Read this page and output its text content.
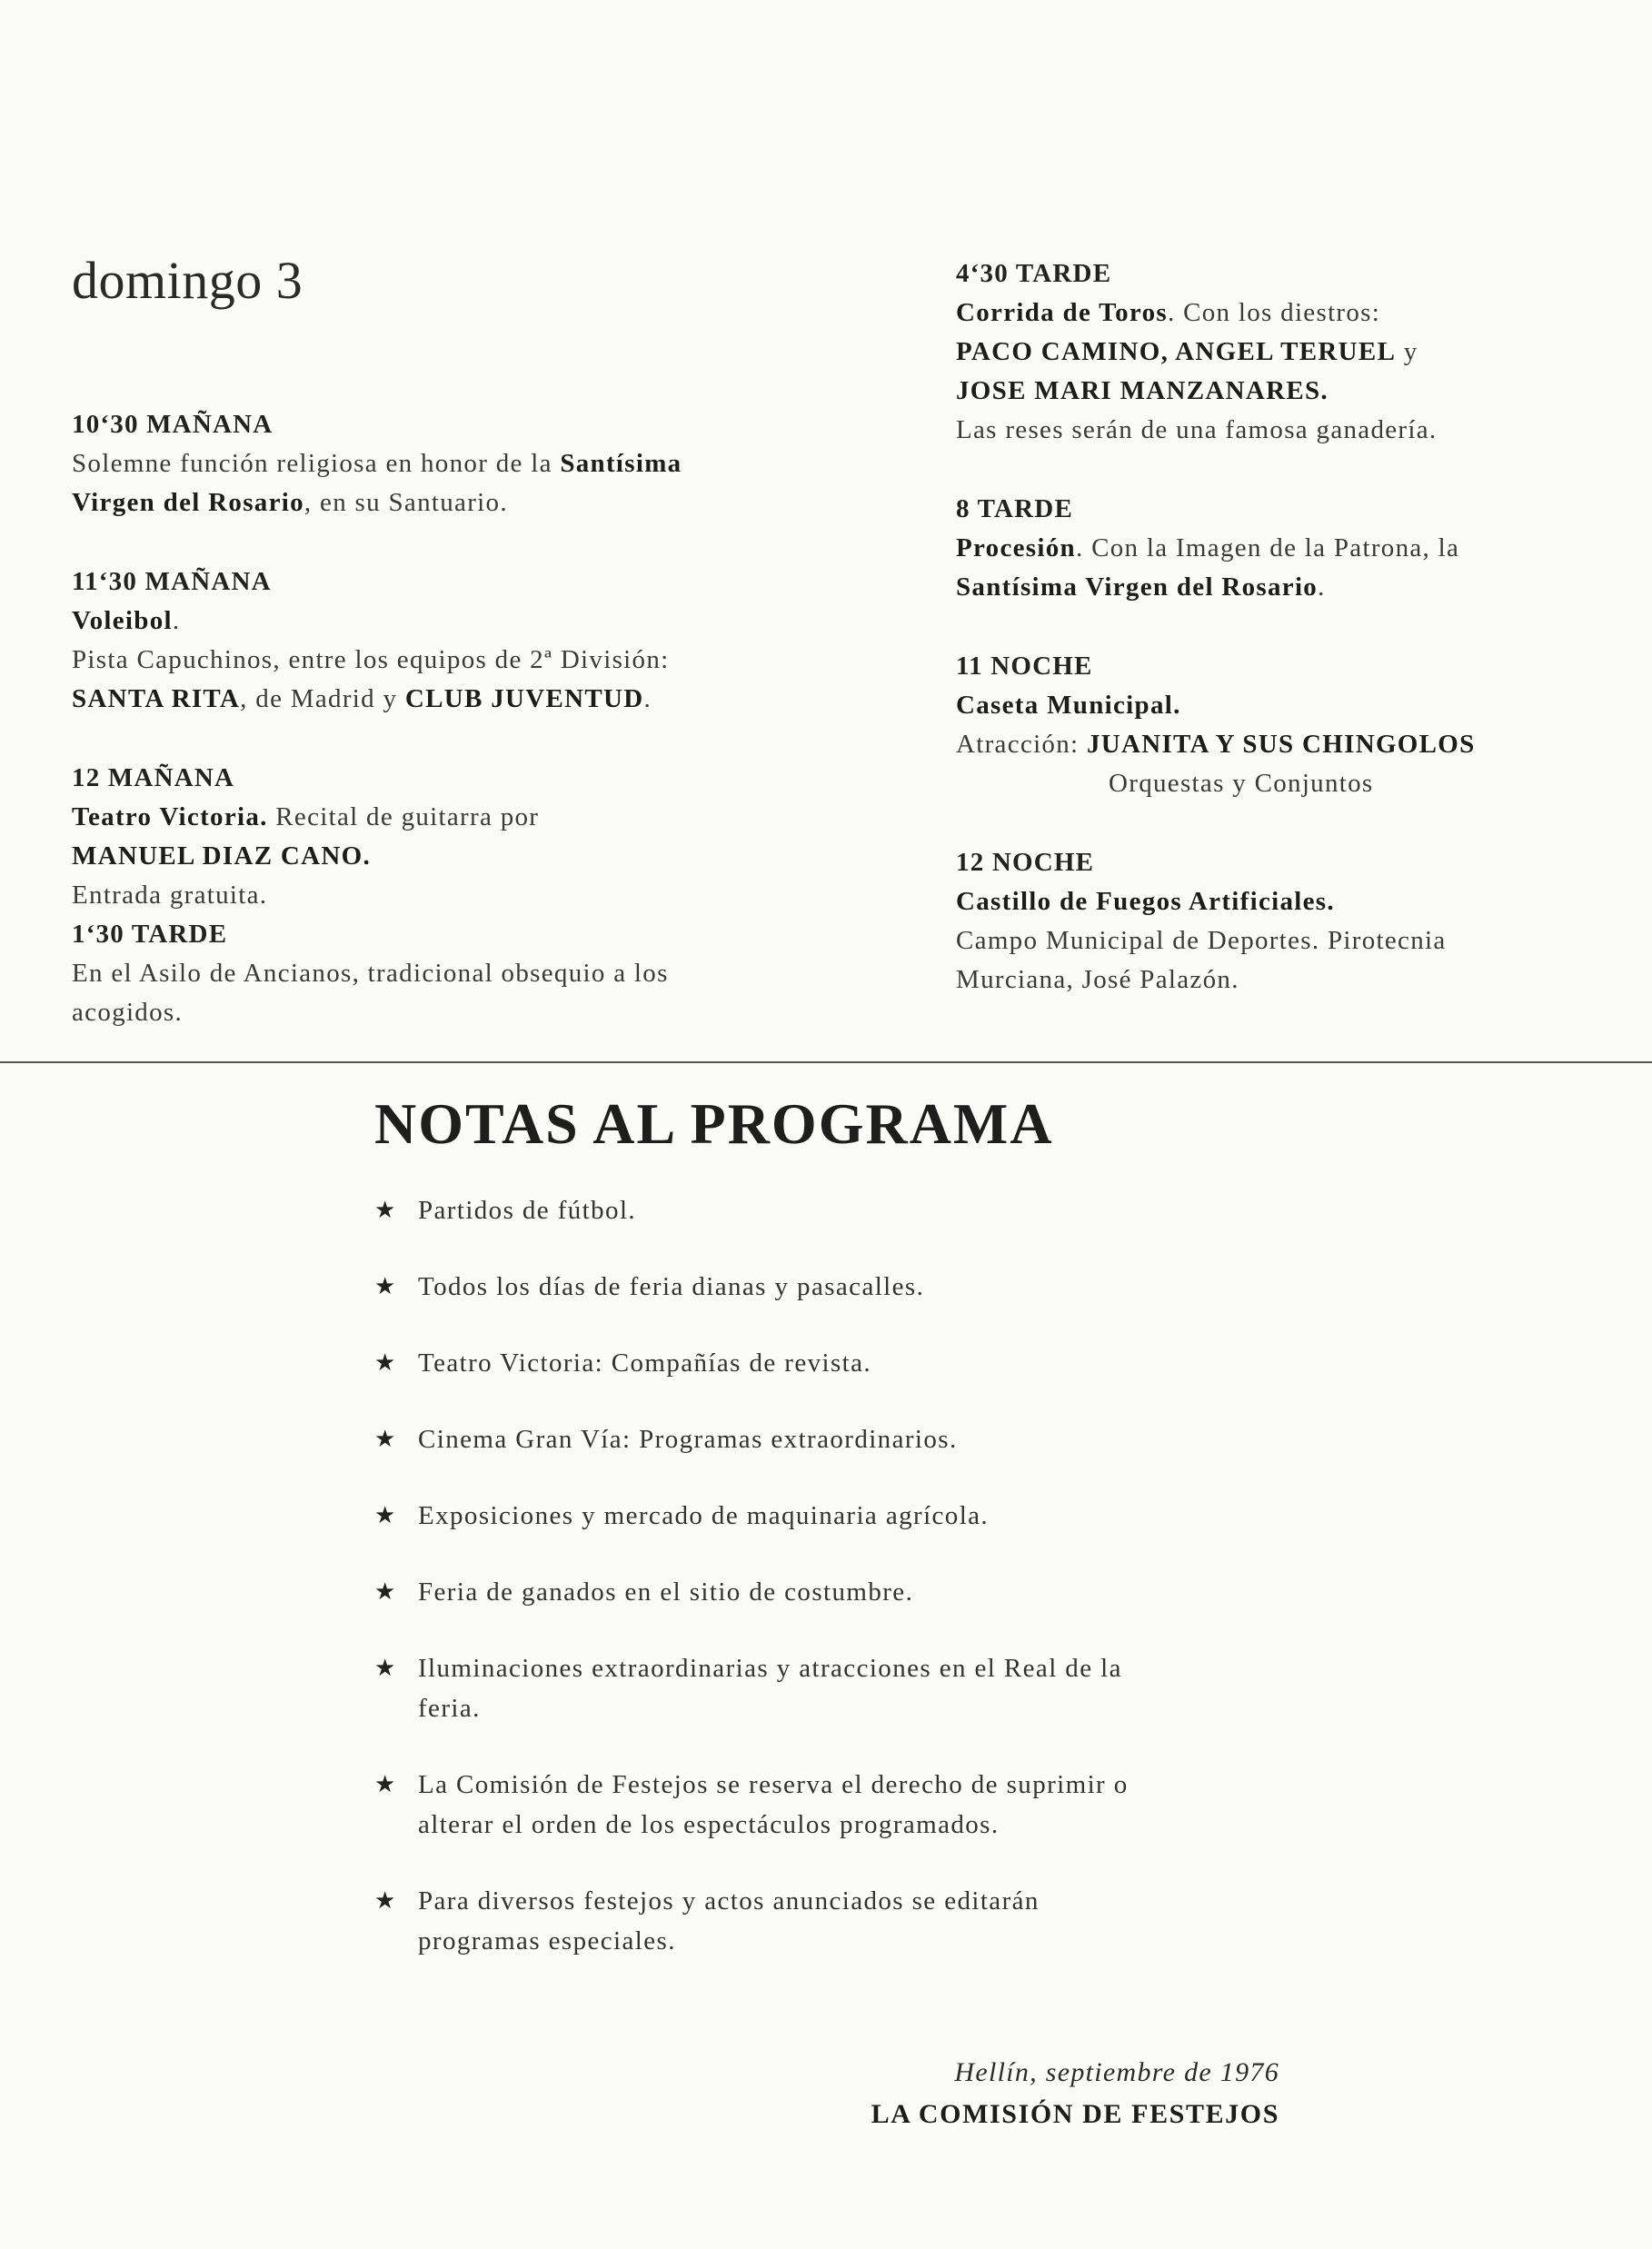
domingo 3
10‘30 MAÑANA
Solemne función religiosa en honor de la Santísima
Virgen del Rosario, en su Santuario.
11‘30 MAÑANA
Voleibol.
Pista Capuchinos, entre los equipos de 2ª División:
SANTA RITA, de Madrid y CLUB JUVENTUD.
12 MAÑANA
Teatro Victoria. Recital de guitarra por
MANUEL DIAZ CANO.
Entrada gratuita.
1‘30 TARDE
En el Asilo de Ancianos, tradicional obsequio a los
acogidos.
4‘30 TARDE
Corrida de Toros. Con los diestros:
PACO CAMINO, ANGEL TERUEL y
JOSE MARI MANZANARES.
Las reses serán de una famosa ganadería.
8 TARDE
Procesión. Con la Imagen de la Patrona, la
Santísima Virgen del Rosario.
11 NOCHE
Caseta Municipal.
Atracción: JUANITA Y SUS CHINGOLOS
Orquestas y Conjuntos
12 NOCHE
Castillo de Fuegos Artificiales.
Campo Municipal de Deportes. Pirotecnia
Murciana, José Palazón.
NOTAS AL PROGRAMA
★ Partidos de fútbol.
★ Todos los días de feria dianas y pasacalles.
★ Teatro Victoria: Compañías de revista.
★ Cinema Gran Vía: Programas extraordinarios.
★ Exposiciones y mercado de maquinaria agrícola.
★ Feria de ganados en el sitio de costumbre.
★ Iluminaciones extraordinarias y atracciones en el Real de la
feria.
★ La Comisión de Festejos se reserva el derecho de suprimir o
alterar el orden de los espectáculos programados.
★ Para diversos festejos y actos anunciados se editarán
programas especiales.
Hellín, septiembre de 1976
LA COMISIÓN DE FESTEJOS
